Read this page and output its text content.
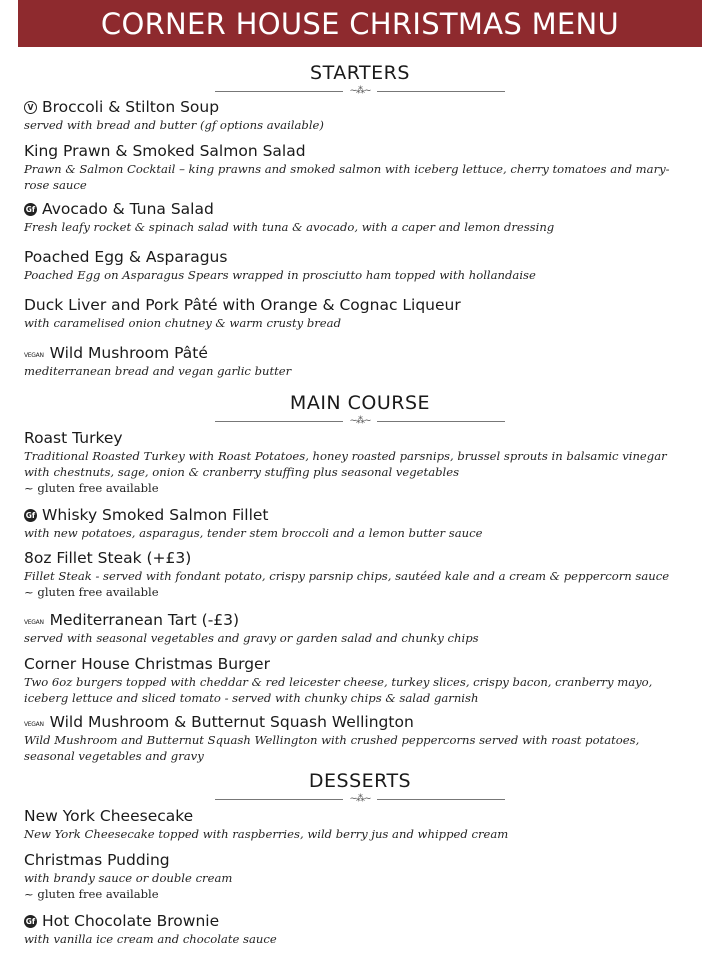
CORNER HOUSE CHRISTMAS MENU
STARTERS
~⁂~
V Broccoli & Stilton Soup
served with bread and butter (gf options available)
King Prawn & Smoked Salmon Salad
Prawn & Salmon Cocktail – king prawns and smoked salmon with iceberg lettuce, cherry tomatoes and mary-rose sauce
Gf Avocado & Tuna Salad
Fresh leafy rocket & spinach salad with tuna & avocado, with a caper and lemon dressing
Poached Egg & Asparagus
Poached Egg on Asparagus Spears wrapped in prosciutto ham topped with hollandaise
Duck Liver and Pork Pâté with Orange & Cognac Liqueur
with caramelised onion chutney & warm crusty bread
VEGAN Wild Mushroom Pâté
mediterranean bread and vegan garlic butter
MAIN COURSE
~⁂~
Roast Turkey
Traditional Roasted Turkey with Roast Potatoes, honey roasted parsnips, brussel sprouts in balsamic vinegar with chestnuts, sage, onion & cranberry stuffing plus seasonal vegetables
~ gluten free available
Gf Whisky Smoked Salmon Fillet
with new potatoes, asparagus, tender stem broccoli and a lemon butter sauce
8oz Fillet Steak (+£3)
Fillet Steak - served with fondant potato, crispy parsnip chips, sautéed kale and a cream & peppercorn sauce
~ gluten free available
VEGAN Mediterranean Tart (-£3)
served with seasonal vegetables and gravy or garden salad and chunky chips
Corner House Christmas Burger
Two 6oz burgers topped with cheddar & red leicester cheese, turkey slices, crispy bacon, cranberry mayo, iceberg lettuce and sliced tomato - served with chunky chips & salad garnish
VEGAN Wild Mushroom & Butternut Squash Wellington
Wild Mushroom and Butternut Squash Wellington with crushed peppercorns served with roast potatoes, seasonal vegetables and gravy
DESSERTS
~⁂~
New York Cheesecake
New York Cheesecake topped with raspberries, wild berry jus and whipped cream
Christmas Pudding
with brandy sauce or double cream
~ gluten free available
Gf Hot Chocolate Brownie
with vanilla ice cream and chocolate sauce
